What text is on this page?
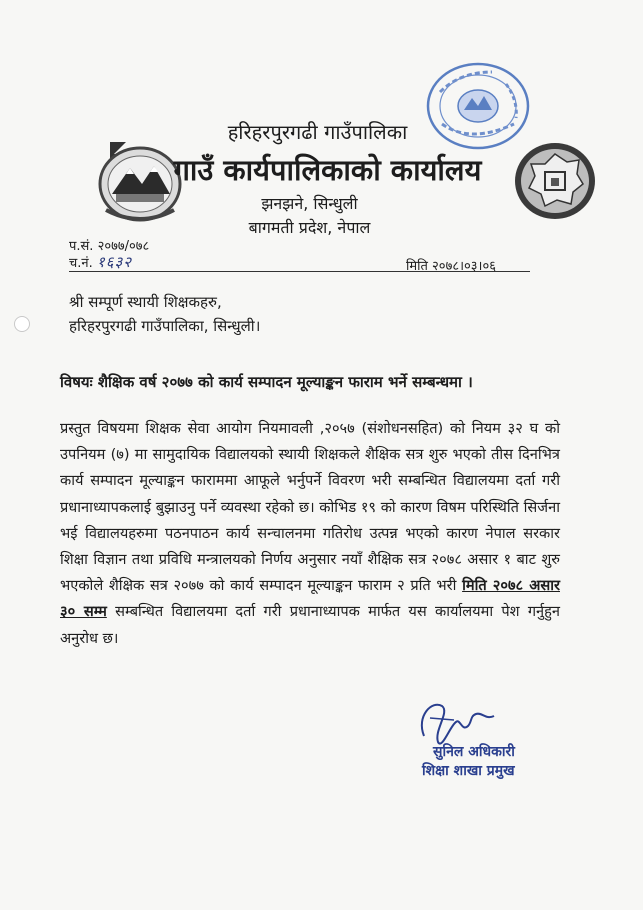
हरिहरपुरगढी गाउँपालिका
गाउँ कार्यपालिकाको कार्यालय
झनझने, सिन्धुली
बागमती प्रदेश, नेपाल
प.सं. २०७७/०७८
च.नं. १६३२	मिति २०७८।०३।०६
श्री सम्पूर्ण स्थायी शिक्षकहरु,
हरिहरपुरगढी गाउँपालिका, सिन्धुली।
विषयः शैक्षिक वर्ष २०७७ को कार्य सम्पादन मूल्याङ्कन फाराम भर्ने सम्बन्धमा ।

प्रस्तुत विषयमा शिक्षक सेवा आयोग नियमावली ,२०५७ (संशोधनसहित) को नियम ३२ घ को उपनियम (७) मा सामुदायिक विद्यालयको स्थायी शिक्षकले शैक्षिक सत्र शुरु भएको तीस दिनभित्र कार्य सम्पादन मूल्याङ्कन फाराममा आफूले भर्नुपर्ने विवरण भरी सम्बन्धित विद्यालयमा दर्ता गरी प्रधानाध्यापकलाई बुझाउनु पर्ने व्यवस्था रहेको छ। कोभिड १९ को कारण विषम परिस्थिति सिर्जना भई विद्यालयहरुमा पठनपाठन कार्य सन्चालनमा गतिरोध उत्पन्न भएको कारण नेपाल सरकार शिक्षा विज्ञान तथा प्रविधि मन्त्रालयको निर्णय अनुसार नयाँ शैक्षिक सत्र २०७८ असार १ बाट शुरु भएकोले शैक्षिक सत्र २०७७ को कार्य सम्पादन मूल्याङ्कन फाराम २ प्रति भरी मिति २०७८ असार ३० सम्म सम्बन्धित विद्यालयमा दर्ता गरी प्रधानाध्यापक मार्फत यस कार्यालयमा पेश गर्नुहुन अनुरोध छ।

सुनिल अधिकारी
शिक्षा शाखा प्रमुख
